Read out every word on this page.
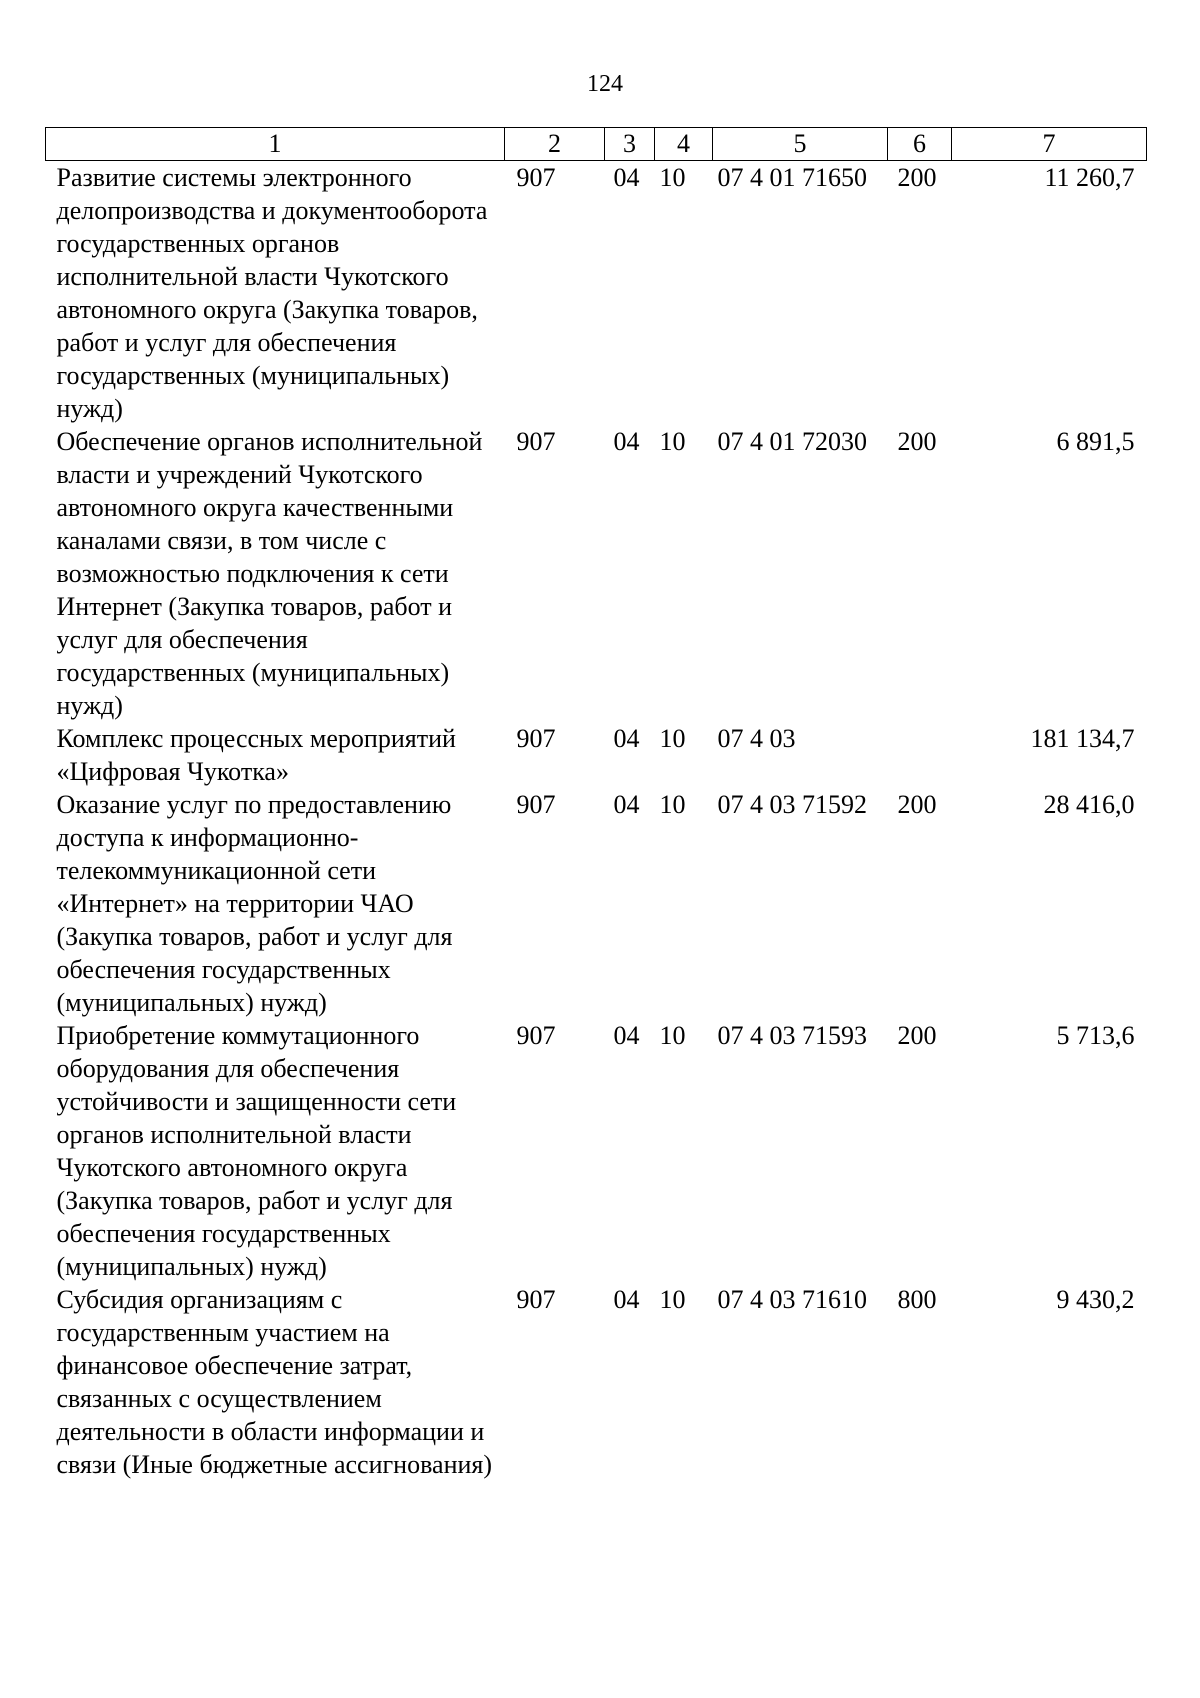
124
1	2	3	4	5	6	7
Развитие системы электронного делопроизводства и документооборота государственных органов исполнительной власти Чукотского автономного округа (Закупка товаров, работ и услуг для обеспечения государственных (муниципальных) нужд)	907	04	10	07 4 01 71650	200	11 260,7
Обеспечение органов исполнительной власти и учреждений Чукотского автономного округа качественными каналами связи, в том числе с возможностью подключения к сети Интернет (Закупка товаров, работ и услуг для обеспечения государственных (муниципальных) нужд)	907	04	10	07 4 01 72030	200	6 891,5
Комплекс процессных мероприятий «Цифровая Чукотка»	907	04	10	07 4 03		181 134,7
Оказание услуг по предоставлению доступа к информационно-телекоммуникационной сети «Интернет» на территории ЧАО (Закупка товаров, работ и услуг для обеспечения государственных (муниципальных) нужд)	907	04	10	07 4 03 71592	200	28 416,0
Приобретение коммутационного оборудования для обеспечения устойчивости и защищенности сети органов исполнительной власти Чукотского автономного округа (Закупка товаров, работ и услуг для обеспечения государственных (муниципальных) нужд)	907	04	10	07 4 03 71593	200	5 713,6
Субсидия организациям с государственным участием на финансовое обеспечение затрат, связанных с осуществлением деятельности в области информации и связи (Иные бюджетные ассигнования)	907	04	10	07 4 03 71610	800	9 430,2
